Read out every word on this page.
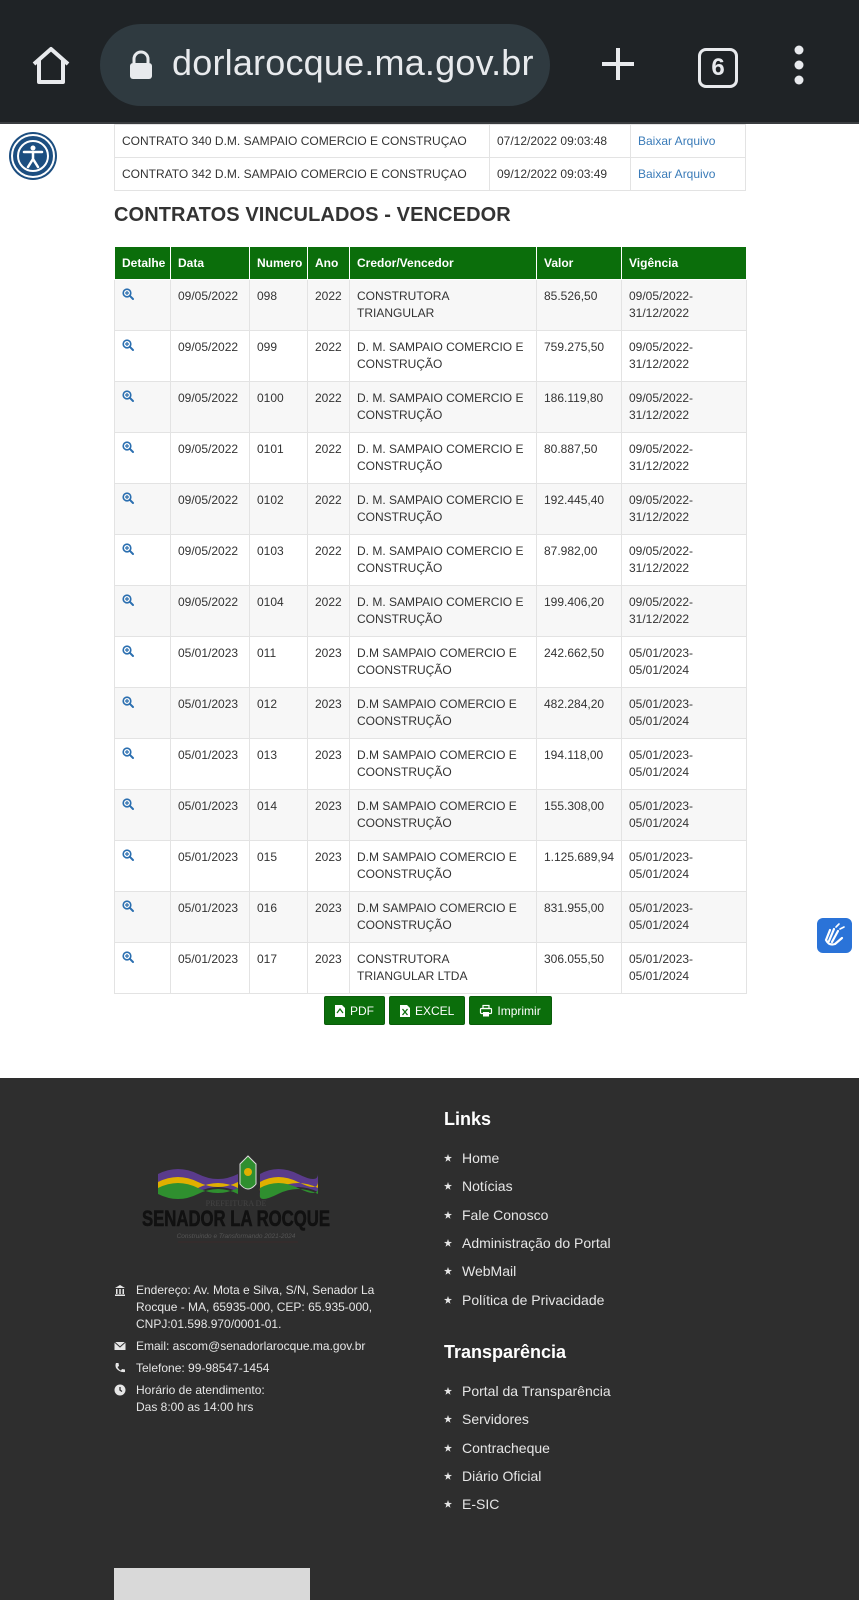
dorlarocque.ma.gov.br	6
CONTRATO 340 D.M. SAMPAIO COMERCIO E CONSTRUÇAO	07/12/2022 09:03:48	Baixar Arquivo
CONTRATO 342 D.M. SAMPAIO COMERCIO E CONSTRUÇAO	09/12/2022 09:03:49	Baixar Arquivo
CONTRATOS VINCULADOS - VENCEDOR
Detalhe	Data	Numero	Ano	Credor/Vencedor	Valor	Vigência
	09/05/2022	098	2022	CONSTRUTORA TRIANGULAR	85.526,50	09/05/2022-
31/12/2022
	09/05/2022	099	2022	D. M. SAMPAIO COMERCIO E CONSTRUÇÃO	759.275,50	09/05/2022-
31/12/2022
	09/05/2022	0100	2022	D. M. SAMPAIO COMERCIO E CONSTRUÇÃO	186.119,80	09/05/2022-
31/12/2022
	09/05/2022	0101	2022	D. M. SAMPAIO COMERCIO E CONSTRUÇÃO	80.887,50	09/05/2022-
31/12/2022
	09/05/2022	0102	2022	D. M. SAMPAIO COMERCIO E CONSTRUÇÃO	192.445,40	09/05/2022-
31/12/2022
	09/05/2022	0103	2022	D. M. SAMPAIO COMERCIO E CONSTRUÇÃO	87.982,00	09/05/2022-
31/12/2022
	09/05/2022	0104	2022	D. M. SAMPAIO COMERCIO E CONSTRUÇÃO	199.406,20	09/05/2022-
31/12/2022
	05/01/2023	011	2023	D.M SAMPAIO COMERCIO E COONSTRUÇÃO	242.662,50	05/01/2023-
05/01/2024
	05/01/2023	012	2023	D.M SAMPAIO COMERCIO E COONSTRUÇÃO	482.284,20	05/01/2023-
05/01/2024
	05/01/2023	013	2023	D.M SAMPAIO COMERCIO E COONSTRUÇÃO	194.118,00	05/01/2023-
05/01/2024
	05/01/2023	014	2023	D.M SAMPAIO COMERCIO E COONSTRUÇÃO	155.308,00	05/01/2023-
05/01/2024
	05/01/2023	015	2023	D.M SAMPAIO COMERCIO E COONSTRUÇÃO	1.125.689,94	05/01/2023-
05/01/2024
	05/01/2023	016	2023	D.M SAMPAIO COMERCIO E COONSTRUÇÃO	831.955,00	05/01/2023-
05/01/2024
	05/01/2023	017	2023	CONSTRUTORA TRIANGULAR LTDA	306.055,50	05/01/2023-
05/01/2024
PDF	EXCEL	Imprimir
PREFEITURA DE
SENADOR LA ROCQUE
Construindo e Transformando 2021-2024
Endereço: Av. Mota e Silva, S/N, Senador La Rocque - MA, 65935-000, CEP: 65.935-000, CNPJ:01.598.970/0001-01.
Email: ascom@senadorlarocque.ma.gov.br
Telefone: 99-98547-1454
Horário de atendimento:
Das 8:00 as 14:00 hrs
Links
Home
Notícias
Fale Conosco
Administração do Portal
WebMail
Política de Privacidade
Transparência
Portal da Transparência
Servidores
Contracheque
Diário Oficial
E-SIC
